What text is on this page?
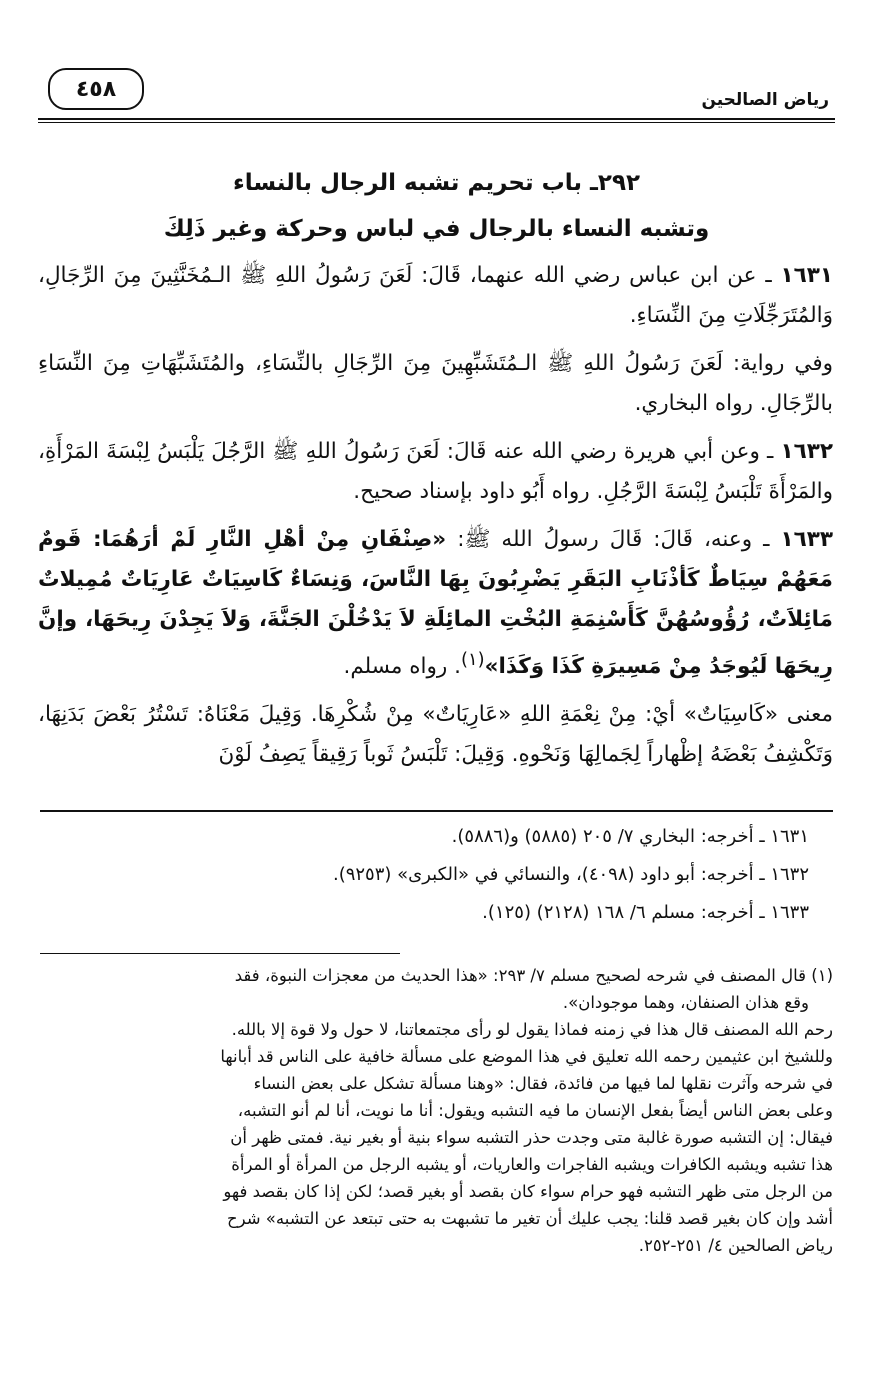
رياض الصالحين
٤٥٨
٢٩٢ـ باب تحريم تشبه الرجال بالنساء
وتشبه النساء بالرجال في لباس وحركة وغير ذَلِكَ

١٦٣١ ـ عن ابن عباس رضي الله عنهما، قَالَ: لَعَنَ رَسُولُ اللهِ ﷺ الـمُخَنَّثِينَ مِنَ الرِّجَالِ، وَالمُتَرَجِّلَاتِ مِنَ النِّسَاءِ.

وفي رواية: لَعَنَ رَسُولُ اللهِ ﷺ الـمُتَشَبِّهِينَ مِنَ الرِّجَالِ بالنِّسَاءِ، والمُتَشَبِّهَاتِ مِنَ النِّسَاءِ بالرِّجَالِ. رواه البخاري.

١٦٣٢ ـ وعن أبي هريرة رضي الله عنه قَالَ: لَعَنَ رَسُولُ اللهِ ﷺ الرَّجُلَ يَلْبَسُ لِبْسَةَ المَرْأَةِ، والمَرْأَةَ تَلْبَسُ لِبْسَةَ الرَّجُلِ. رواه أَبُو داود بإسناد صحيح.

١٦٣٣ ـ وعنه، قَالَ: قَالَ رسولُ الله ﷺ: «صِنْفَانِ مِنْ أهْلِ النَّارِ لَمْ أرَهُمَا: قَومٌ مَعَهُمْ سِيَاطٌ كَأذْنَابِ البَقَرِ يَضْرِبُونَ بِهَا النَّاسَ، وَنِسَاءٌ كَاسِيَاتٌ عَارِيَاتٌ مُمِيلاتٌ مَائِلاَتٌ، رُؤُوسُهُنَّ كَأَسْنِمَةِ البُخْتِ المائِلَةِ لاَ يَدْخُلْنَ الجَنَّةَ، وَلاَ يَجِدْنَ رِيحَهَا، وإنَّ رِيحَهَا لَيُوجَدُ مِنْ مَسِيرَةِ كَذَا وَكَذَا»$^{(١)}$. رواه مسلم.

معنى «كَاسِيَاتٌ» أيْ: مِنْ نِعْمَةِ اللهِ «عَارِيَاتٌ» مِنْ شُكْرِهَا. وَقِيلَ مَعْنَاهُ: تَسْتُرُ بَعْضَ بَدَنِهَا، وَتَكْشِفُ بَعْضَهُ إظْهاراً لِجَمالِهَا وَنَحْوهِ. وَقِيلَ: تَلْبَسُ ثَوباً رَقِيقاً يَصِفُ لَوْنَ

١٦٣١ ـ أخرجه: البخاري ٧/ ٢٠٥ (٥٨٨٥) و(٥٨٨٦).
١٦٣٢ ـ أخرجه: أبو داود (٤٠٩٨)، والنسائي في «الكبرى» (٩٢٥٣).
١٦٣٣ ـ أخرجه: مسلم ٦/ ١٦٨ (٢١٢٨) (١٢٥).
(١) قال المصنف في شرحه لصحيح مسلم ٧/ ٢٩٣: «هذا الحديث من معجزات النبوة، فقد
وقع هذان الصنفان، وهما موجودان».
رحم الله المصنف قال هذا في زمنه فماذا يقول لو رأى مجتمعاتنا، لا حول ولا قوة إلا بالله.
وللشيخ ابن عثيمين رحمه الله تعليق في هذا الموضع على مسألة خافية على الناس قد أبانها
في شرحه وآثرت نقلها لما فيها من فائدة، فقال: «وهنا مسألة تشكل على بعض النساء
وعلى بعض الناس أيضاً بفعل الإنسان ما فيه التشبه ويقول: أنا ما نويت، أنا لم أنو التشبه،
فيقال: إن التشبه صورة غالبة متى وجدت حذر التشبه سواء بنية أو بغير نية. فمتى ظهر أن
هذا تشبه ويشبه الكافرات ويشبه الفاجرات والعاريات، أو يشبه الرجل من المرأة أو المرأة
من الرجل متى ظهر التشبه فهو حرام سواء كان بقصد أو بغير قصد؛ لكن إذا كان بقصد فهو
أشد وإن كان بغير قصد قلنا: يجب عليك أن تغير ما تشبهت به حتى تبتعد عن التشبه» شرح
رياض الصالحين ٤/ ٢٥١-٢٥٢.
